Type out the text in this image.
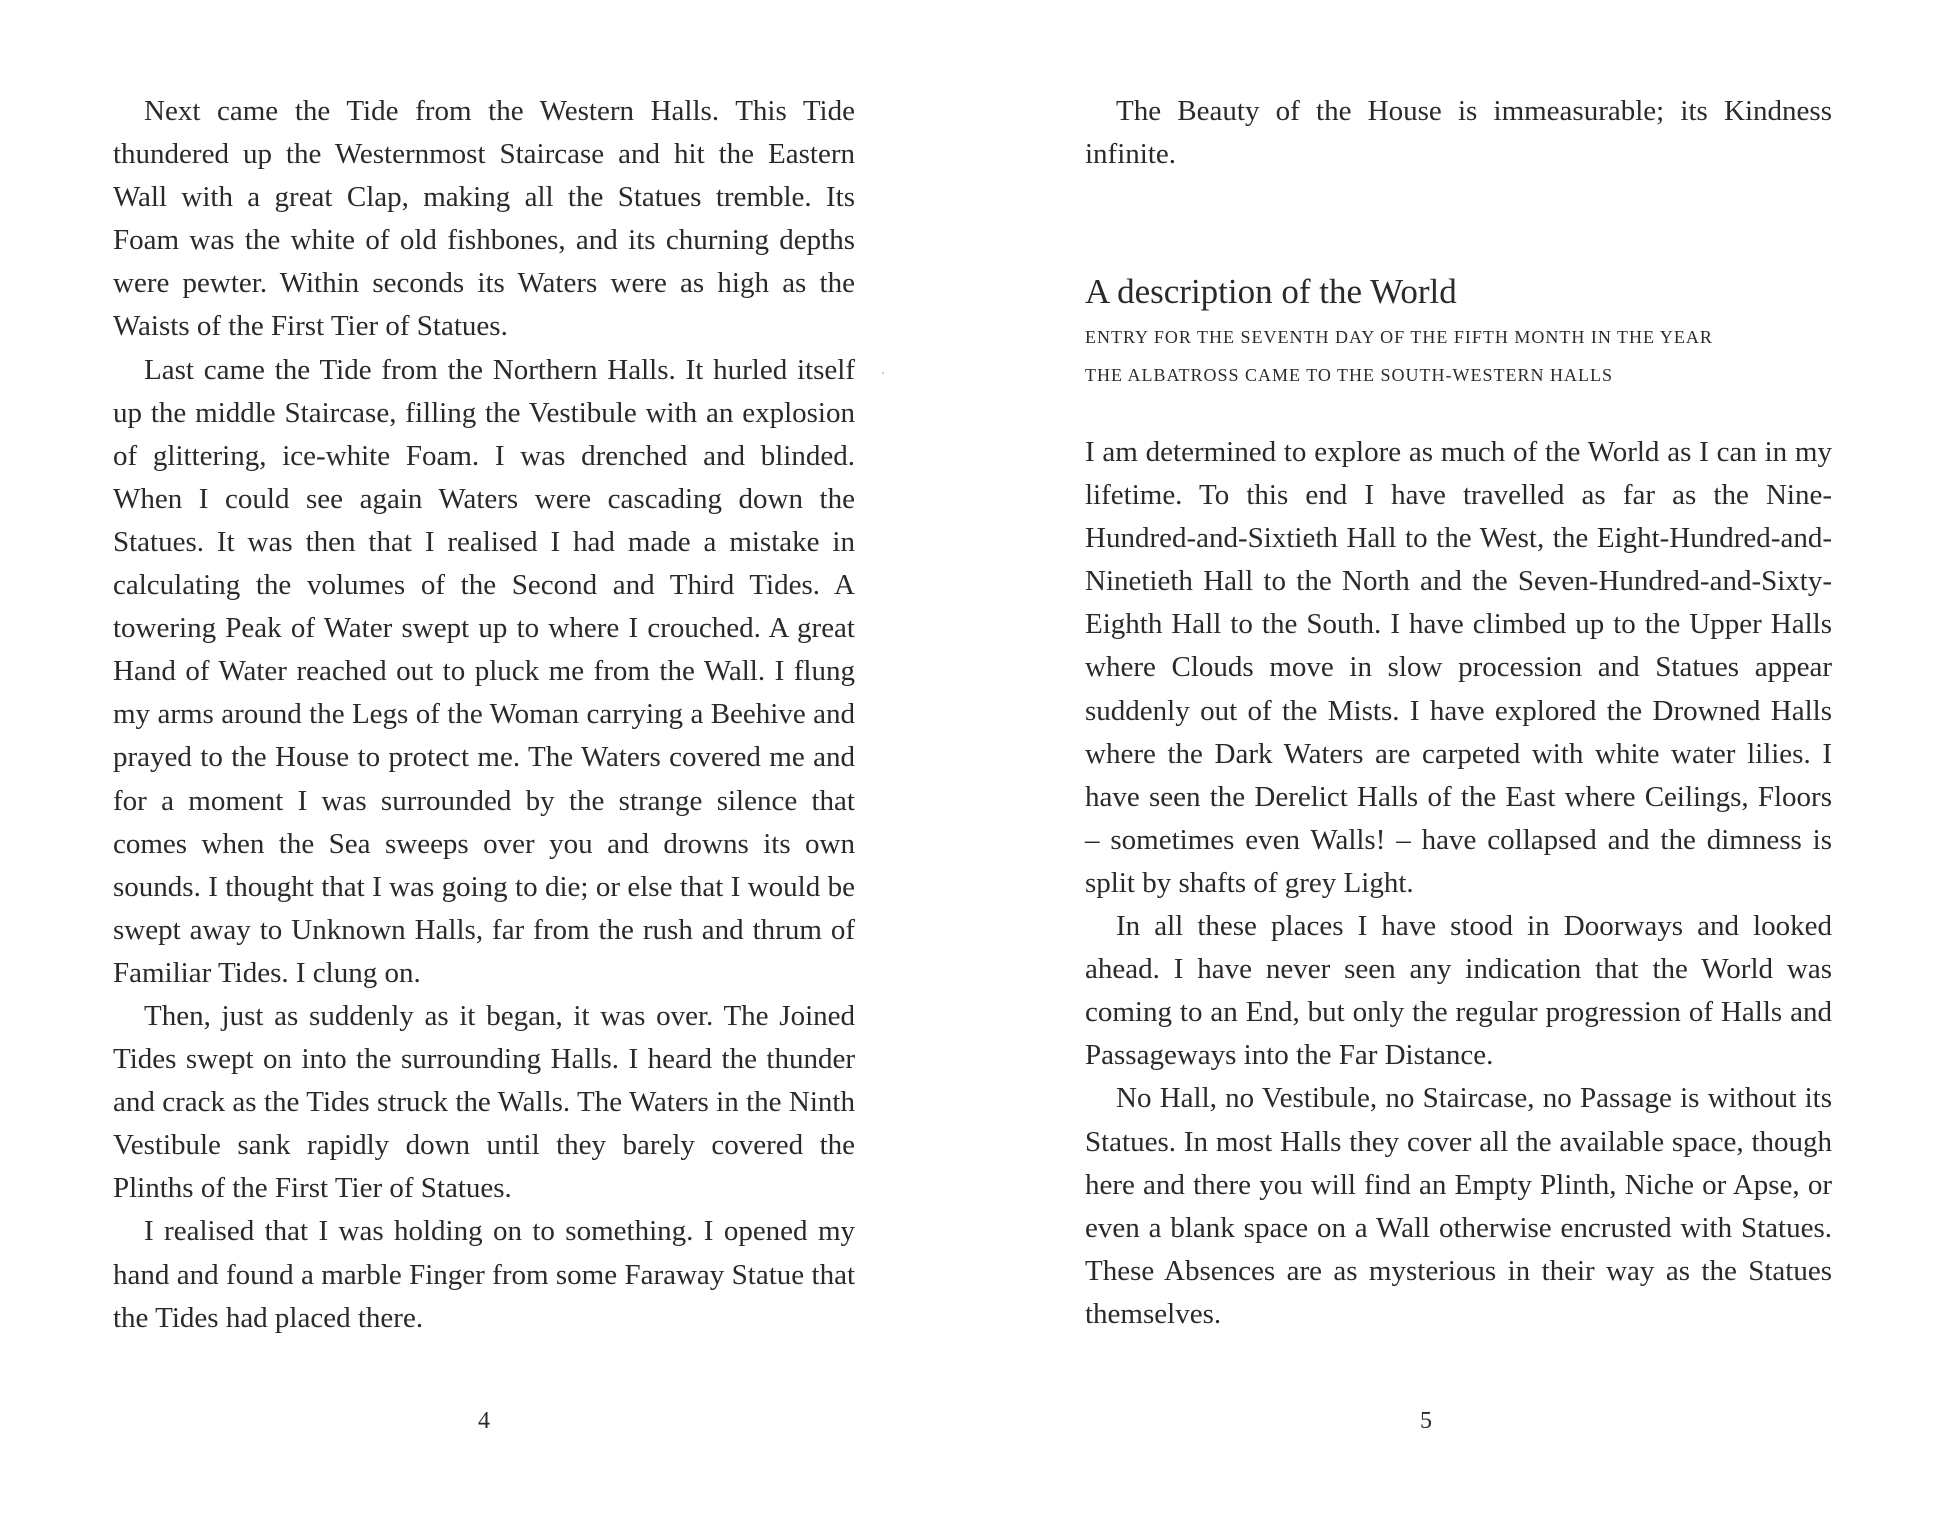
Next came the Tide from the Western Halls. This Tide thundered up the Westernmost Staircase and hit the Eastern Wall with a great Clap, making all the Statues tremble. Its Foam was the white of old fishbones, and its churning depths were pewter. Within seconds its Waters were as high as the Waists of the First Tier of Statues.

Last came the Tide from the Northern Halls. It hurled itself up the middle Staircase, filling the Vestibule with an explosion of glittering, ice-white Foam. I was drenched and blinded. When I could see again Waters were cascading down the Statues. It was then that I realised I had made a mistake in calculating the volumes of the Second and Third Tides. A towering Peak of Water swept up to where I crouched. A great Hand of Water reached out to pluck me from the Wall. I flung my arms around the Legs of the Woman carrying a Beehive and prayed to the House to protect me. The Waters covered me and for a moment I was surrounded by the strange silence that comes when the Sea sweeps over you and drowns its own sounds. I thought that I was going to die; or else that I would be swept away to Unknown Halls, far from the rush and thrum of Familiar Tides. I clung on.

Then, just as suddenly as it began, it was over. The Joined Tides swept on into the surrounding Halls. I heard the thunder and crack as the Tides struck the Walls. The Waters in the Ninth Vestibule sank rapidly down until they barely covered the Plinths of the First Tier of Statues.

I realised that I was holding on to something. I opened my hand and found a marble Finger from some Faraway Statue that the Tides had placed there.

4

The Beauty of the House is immeasurable; its Kindness infinite.

A description of the World

ENTRY FOR THE SEVENTH DAY OF THE FIFTH MONTH IN THE YEAR

THE ALBATROSS CAME TO THE SOUTH-WESTERN HALLS

I am determined to explore as much of the World as I can in my lifetime. To this end I have travelled as far as the Nine-Hundred-and-Sixtieth Hall to the West, the Eight-Hundred-and-Ninetieth Hall to the North and the Seven-Hundred-and-Sixty-Eighth Hall to the South. I have climbed up to the Upper Halls where Clouds move in slow procession and Statues appear suddenly out of the Mists. I have explored the Drowned Halls where the Dark Waters are carpeted with white water lilies. I have seen the Derelict Halls of the East where Ceilings, Floors – sometimes even Walls! – have collapsed and the dimness is split by shafts of grey Light.

In all these places I have stood in Doorways and looked ahead. I have never seen any indication that the World was coming to an End, but only the regular progression of Halls and Passageways into the Far Distance.

No Hall, no Vestibule, no Staircase, no Passage is without its Statues. In most Halls they cover all the available space, though here and there you will find an Empty Plinth, Niche or Apse, or even a blank space on a Wall otherwise encrusted with Statues. These Absences are as mysterious in their way as the Statues themselves.

5
